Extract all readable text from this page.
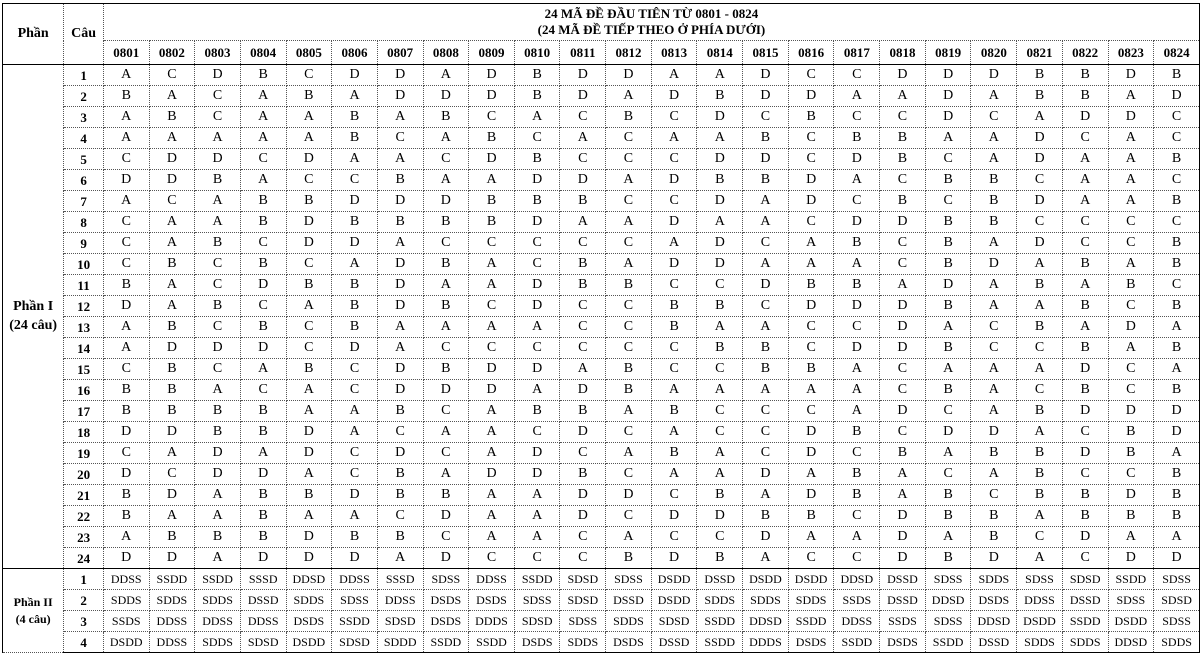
Phần	Câu	24 MÃ ĐỀ ĐẦU TIÊN TỪ 0801 - 0824
(24 MÃ ĐỀ TIẾP THEO Ở PHÍA DƯỚI)																							

		0801	0802	0803	0804	0805	0806	0807	0808	0809	0810	0811	0812	0813	0814	0815	0816	0817	0818	0819	0820	0821	0822	0823	0824

Phần I
(24 câu)	1	A	C	D	B	C	D	D	A	D	B	D	D	A	A	D	C	C	D	D	D	B	B	D	B
	2	B	A	C	A	B	A	D	D	D	B	D	A	D	B	D	D	A	A	D	A	B	B	A	D
	3	A	B	C	A	A	B	A	B	C	A	C	B	C	D	C	B	C	C	D	C	A	D	D	C
	4	A	A	A	A	A	B	C	A	B	C	A	C	A	A	B	C	B	B	A	A	D	C	A	C
	5	C	D	D	C	D	A	A	C	D	B	C	C	C	D	D	C	D	B	C	A	D	A	A	B
	6	D	D	B	A	C	C	B	A	A	D	D	A	D	B	B	D	A	C	B	B	C	A	A	C
	7	A	C	A	B	B	D	D	D	B	B	B	C	C	D	A	D	C	B	C	B	D	A	A	B
	8	C	A	A	B	D	B	B	B	B	D	A	A	D	A	A	C	D	D	B	B	C	C	C	C
	9	C	A	B	C	D	D	A	C	C	C	C	C	A	D	C	A	B	C	B	A	D	C	C	B
	10	C	B	C	B	C	A	D	B	A	C	B	A	D	D	A	A	A	C	B	D	A	B	A	B
	11	B	A	C	D	B	B	D	A	A	D	B	B	C	C	D	B	B	A	D	A	B	A	B	C
	12	D	A	B	C	A	B	D	B	C	D	C	C	B	B	C	D	D	D	B	A	A	B	C	B
	13	A	B	C	B	C	B	A	A	A	A	C	C	B	A	A	C	C	D	A	C	B	A	D	A
	14	A	D	D	D	C	D	A	C	C	C	C	C	C	B	B	C	D	D	B	C	C	B	A	B
	15	C	B	C	A	B	C	D	B	D	D	A	B	C	C	B	B	A	C	A	A	A	D	C	A
	16	B	B	A	C	A	C	D	D	D	A	D	B	A	A	A	A	A	C	B	A	C	B	C	B
	17	B	B	B	B	A	A	B	C	A	B	B	A	B	C	C	C	A	D	C	A	B	D	D	D
	18	D	D	B	B	D	A	C	A	A	C	D	C	A	C	C	D	B	C	D	D	A	C	B	D
	19	C	A	D	A	D	C	D	C	A	D	C	A	B	A	C	D	C	B	A	B	B	D	B	A
	20	D	C	D	D	A	C	B	A	D	D	B	C	A	A	D	A	B	A	C	A	B	C	C	B
	21	B	D	A	B	B	D	B	B	A	A	D	D	C	B	A	D	B	A	B	C	B	B	D	B
	22	B	A	A	B	A	A	C	D	A	A	D	C	D	D	B	B	C	D	B	B	A	B	B	B
	23	A	B	B	B	D	B	B	C	A	A	C	A	C	C	D	A	A	D	A	B	C	D	A	A
	24	D	D	A	D	D	D	A	D	C	C	C	B	D	B	A	C	C	D	B	D	A	C	D	D

Phần II
(4 câu)	1	DDSS	SSDD	SSDD	SSSD	DDSD	DDSS	SSSD	SDSS	DDSS	SSDD	SDSD	SDSS	DSDD	DSSD	DSDD	DSDD	DDSD	DSSD	SDSS	SDDS	SDSS	SDSD	SSDD	SDSS
	2	SDDS	SDDS	SDDS	DSSD	SDDS	SDSS	DDSS	DSDS	DSDS	SDSS	SDSD	DSSD	DSDD	SDDS	SDDS	SDDS	SSDS	DSSD	DDSD	DSDS	DDSS	DSSD	SDSS	SDSD
	3	SSDS	DDSS	DDSS	DDSS	DSDS	SSDD	SDSD	DSDS	DDDS	SDSD	SDSS	SDDS	SDSD	SSDD	DDSD	SSDD	DDSS	SSDS	SDSS	DDSD	DSDD	SSDD	DSDD	SDSS
	4	DSDD	DDSS	SDDS	SDSD	DSDD	SDSD	SDDD	SSDD	SSDD	DSDS	SDDS	DSDS	DSSD	SSDD	DDDS	DSDS	SSDD	DSDS	SSDD	DSSD	SDDS	SDDS	DDSD	SDDS
